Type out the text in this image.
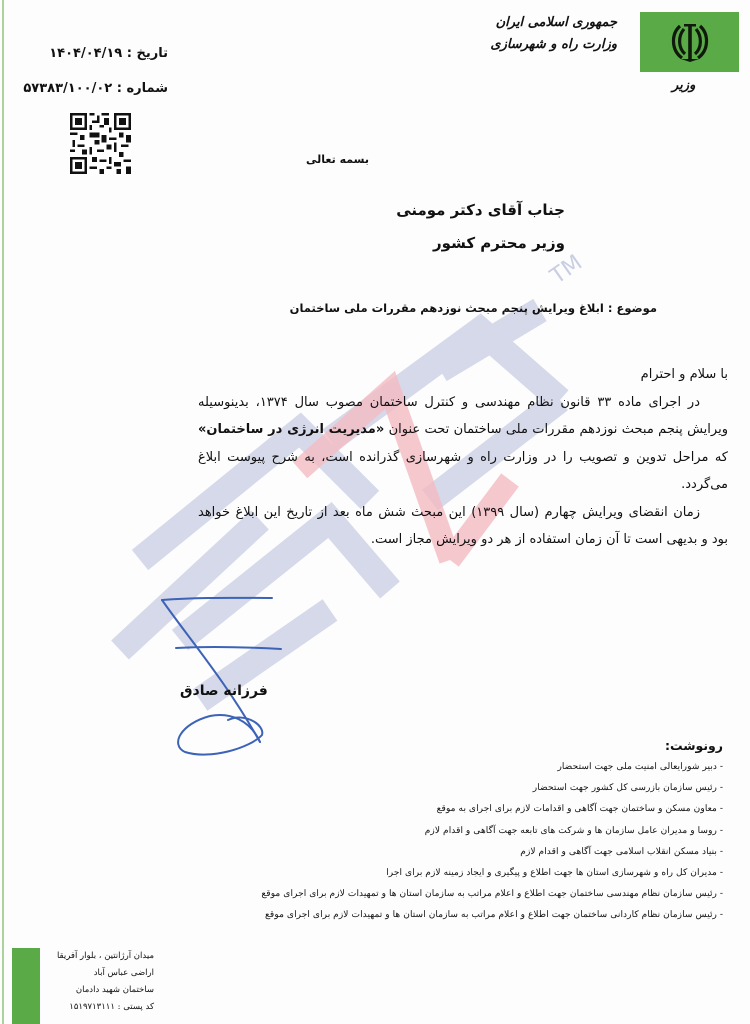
TM
وزیر
جمهوری اسلامی ایران
وزارت راه و شهرسازی
تاریخ : ۱۴۰۴/۰۴/۱۹
شماره : ۵۷۳۸۳/۱۰۰/۰۲
بسمه تعالی
جناب آقای دکتر مومنی
وزیر محترم کشور
موضوع : ابلاغ ویرایش پنجم مبحث نوزدهم مقررات ملی ساختمان

با سلام و احترام

در اجرای ماده ۳۳ قانون نظام مهندسی و کنترل ساختمان مصوب سال ۱۳۷۴، بدینوسیله ویرایش پنجم مبحث نوزدهم مقررات ملی ساختمان تحت عنوان «مدیریت انرژی در ساختمان» که مراحل تدوین و تصویب را در وزارت راه و شهرسازی گذرانده است، به شرح پیوست ابلاغ می‌گردد.

زمان انقضای ویرایش چهارم (سال ۱۳۹۹) این مبحث شش ماه بعد از تاریخ این ابلاغ خواهد بود و بدیهی است تا آن زمان استفاده از هر دو ویرایش مجاز است.

فرزانه صادق
رونوشت:
- دبیر شورایعالی امنیت ملی جهت استحضار
- رئیس سازمان بازرسی کل کشور جهت استحضار
- معاون مسکن و ساختمان جهت آگاهی و اقدامات لازم برای اجرای به موقع
- روسا و مدیران عامل سازمان ها و شرکت های تابعه جهت آگاهی و اقدام لازم
- بنیاد مسکن انقلاب اسلامی جهت آگاهی و اقدام لازم
- مدیران کل راه و شهرسازی استان ها جهت اطلاع و پیگیری و ایجاد زمینه لازم برای اجرا
- رئیس سازمان نظام مهندسی ساختمان جهت اطلاع و اعلام مراتب به سازمان استان ها و تمهیدات لازم برای اجرای موقع
- رئیس سازمان نظام کاردانی ساختمان جهت اطلاع و اعلام مراتب به سازمان استان ها و تمهیدات لازم برای اجرای موقع
میدان آرژانتین ، بلوار آفریقا
اراضی عباس آباد
ساختمان شهید دادمان
کد پستی : ۱۵۱۹۷۱۳۱۱۱
